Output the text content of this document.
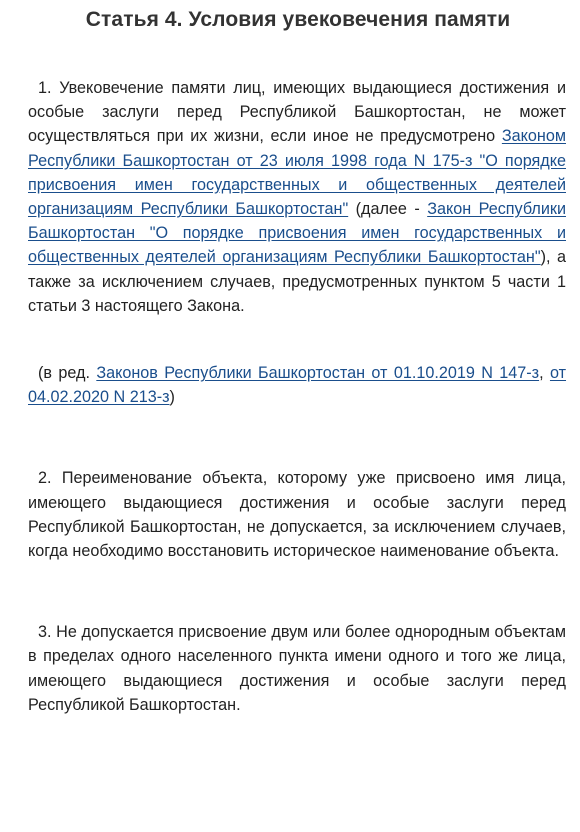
Статья 4. Условия увековечения памяти

1. Увековечение памяти лиц, имеющих выдающиеся достижения и особые заслуги перед Республикой Башкортостан, не может осуществляться при их жизни, если иное не предусмотрено Законом Республики Башкортостан от 23 июля 1998 года N 175-з "О порядке присвоения имен государственных и общественных деятелей организациям Республики Башкортостан" (далее - Закон Республики Башкортостан "О порядке присвоения имен государственных и общественных деятелей организациям Республики Башкортостан"), а также за исключением случаев, предусмотренных пунктом 5 части 1 статьи 3 настоящего Закона.

(в ред. Законов Республики Башкортостан от 01.10.2019 N 147-з, от 04.02.2020 N 213-з)

2. Переименование объекта, которому уже присвоено имя лица, имеющего выдающиеся достижения и особые заслуги перед Республикой Башкортостан, не допускается, за исключением случаев, когда необходимо восстановить историческое наименование объекта.

3. Не допускается присвоение двум или более однородным объектам в пределах одного населенного пункта имени одного и того же лица, имеющего выдающиеся достижения и особые заслуги перед Республикой Башкортостан.
